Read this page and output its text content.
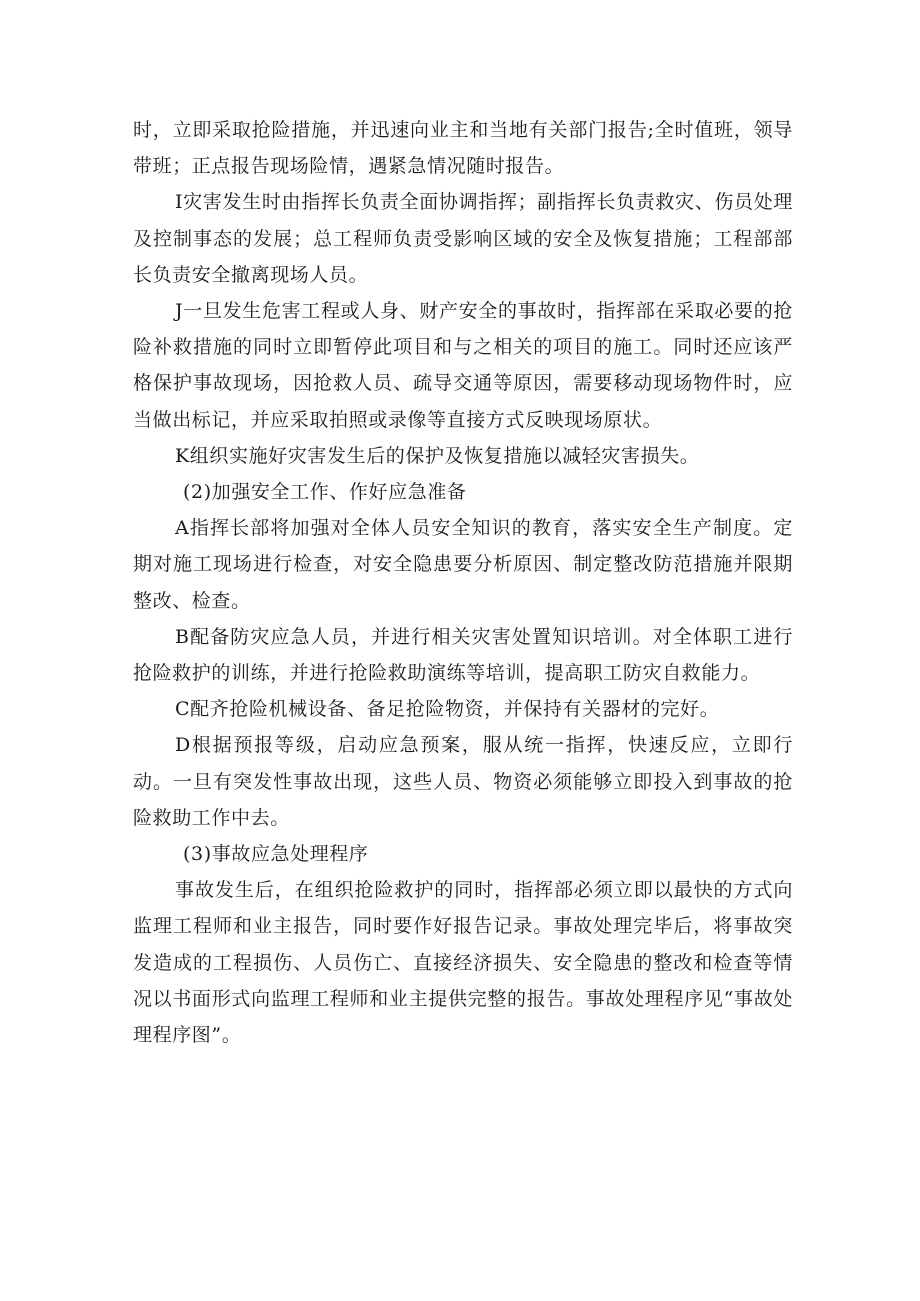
时，立即采取抢险措施，并迅速向业主和当地有关部门报告;全时值班，领导带班；正点报告现场险情，遇紧急情况随时报告。

I灾害发生时由指挥长负责全面协调指挥；副指挥长负责救灾、伤员处理及控制事态的发展；总工程师负责受影响区域的安全及恢复措施；工程部部长负责安全撤离现场人员。

J一旦发生危害工程或人身、财产安全的事故时，指挥部在采取必要的抢险补救措施的同时立即暂停此项目和与之相关的项目的施工。同时还应该严格保护事故现场，因抢救人员、疏导交通等原因，需要移动现场物件时，应当做出标记，并应采取拍照或录像等直接方式反映现场原状。

K组织实施好灾害发生后的保护及恢复措施以减轻灾害损失。

(2)加强安全工作、作好应急准备

A指挥长部将加强对全体人员安全知识的教育，落实安全生产制度。定期对施工现场进行检查，对安全隐患要分析原因、制定整改防范措施并限期整改、检查。

B配备防灾应急人员，并进行相关灾害处置知识培训。对全体职工进行抢险救护的训练，并进行抢险救助演练等培训，提高职工防灾自救能力。

C配齐抢险机械设备、备足抢险物资，并保持有关器材的完好。

D根据预报等级，启动应急预案，服从统一指挥，快速反应，立即行动。一旦有突发性事故出现，这些人员、物资必须能够立即投入到事故的抢险救助工作中去。

(3)事故应急处理程序

事故发生后，在组织抢险救护的同时，指挥部必须立即以最快的方式向监理工程师和业主报告，同时要作好报告记录。事故处理完毕后，将事故突发造成的工程损伤、人员伤亡、直接经济损失、安全隐患的整改和检查等情况以书面形式向监理工程师和业主提供完整的报告。事故处理程序见“事故处理程序图”。
